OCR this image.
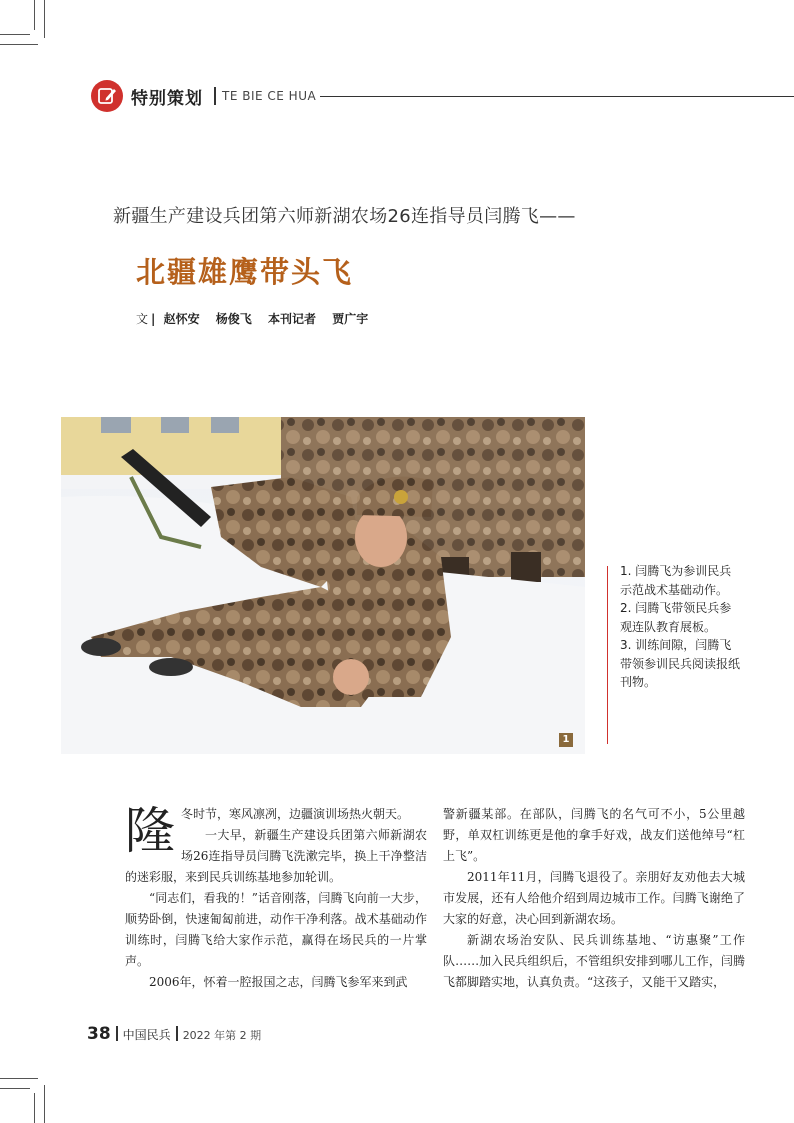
特别策划 TE BIE CE HUA
新疆生产建设兵团第六师新湖农场26连指导员闫腾飞——
北疆雄鹰带头飞
文 | 赵怀安 杨俊飞 本刊记者 贾广宇
1

1. 闫腾飞为参训民兵示范战术基础动作。

2. 闫腾飞带领民兵参观连队教育展板。

3. 训练间隙，闫腾飞带领参训民兵阅读报纸刊物。

隆冬时节，寒风凛冽，边疆演训场热火朝天。

一大早，新疆生产建设兵团第六师新湖农场26连指导员闫腾飞洗漱完毕，换上干净整洁的迷彩服，来到民兵训练基地参加轮训。

“同志们，看我的！”话音刚落，闫腾飞向前一大步，顺势卧倒，快速匍匐前进，动作干净利落。战术基础动作训练时，闫腾飞给大家作示范，赢得在场民兵的一片掌声。

2006年，怀着一腔报国之志，闫腾飞参军来到武

警新疆某部。在部队，闫腾飞的名气可不小，5公里越野，单双杠训练更是他的拿手好戏，战友们送他绰号“杠上飞”。

2011年11月，闫腾飞退役了。亲朋好友劝他去大城市发展，还有人给他介绍到周边城市工作。闫腾飞谢绝了大家的好意，决心回到新湖农场。

新湖农场治安队、民兵训练基地、“访惠聚”工作队……加入民兵组织后，不管组织安排到哪儿工作，闫腾飞都脚踏实地，认真负责。“这孩子，又能干又踏实，

38 中国民兵 2022 年第 2 期
